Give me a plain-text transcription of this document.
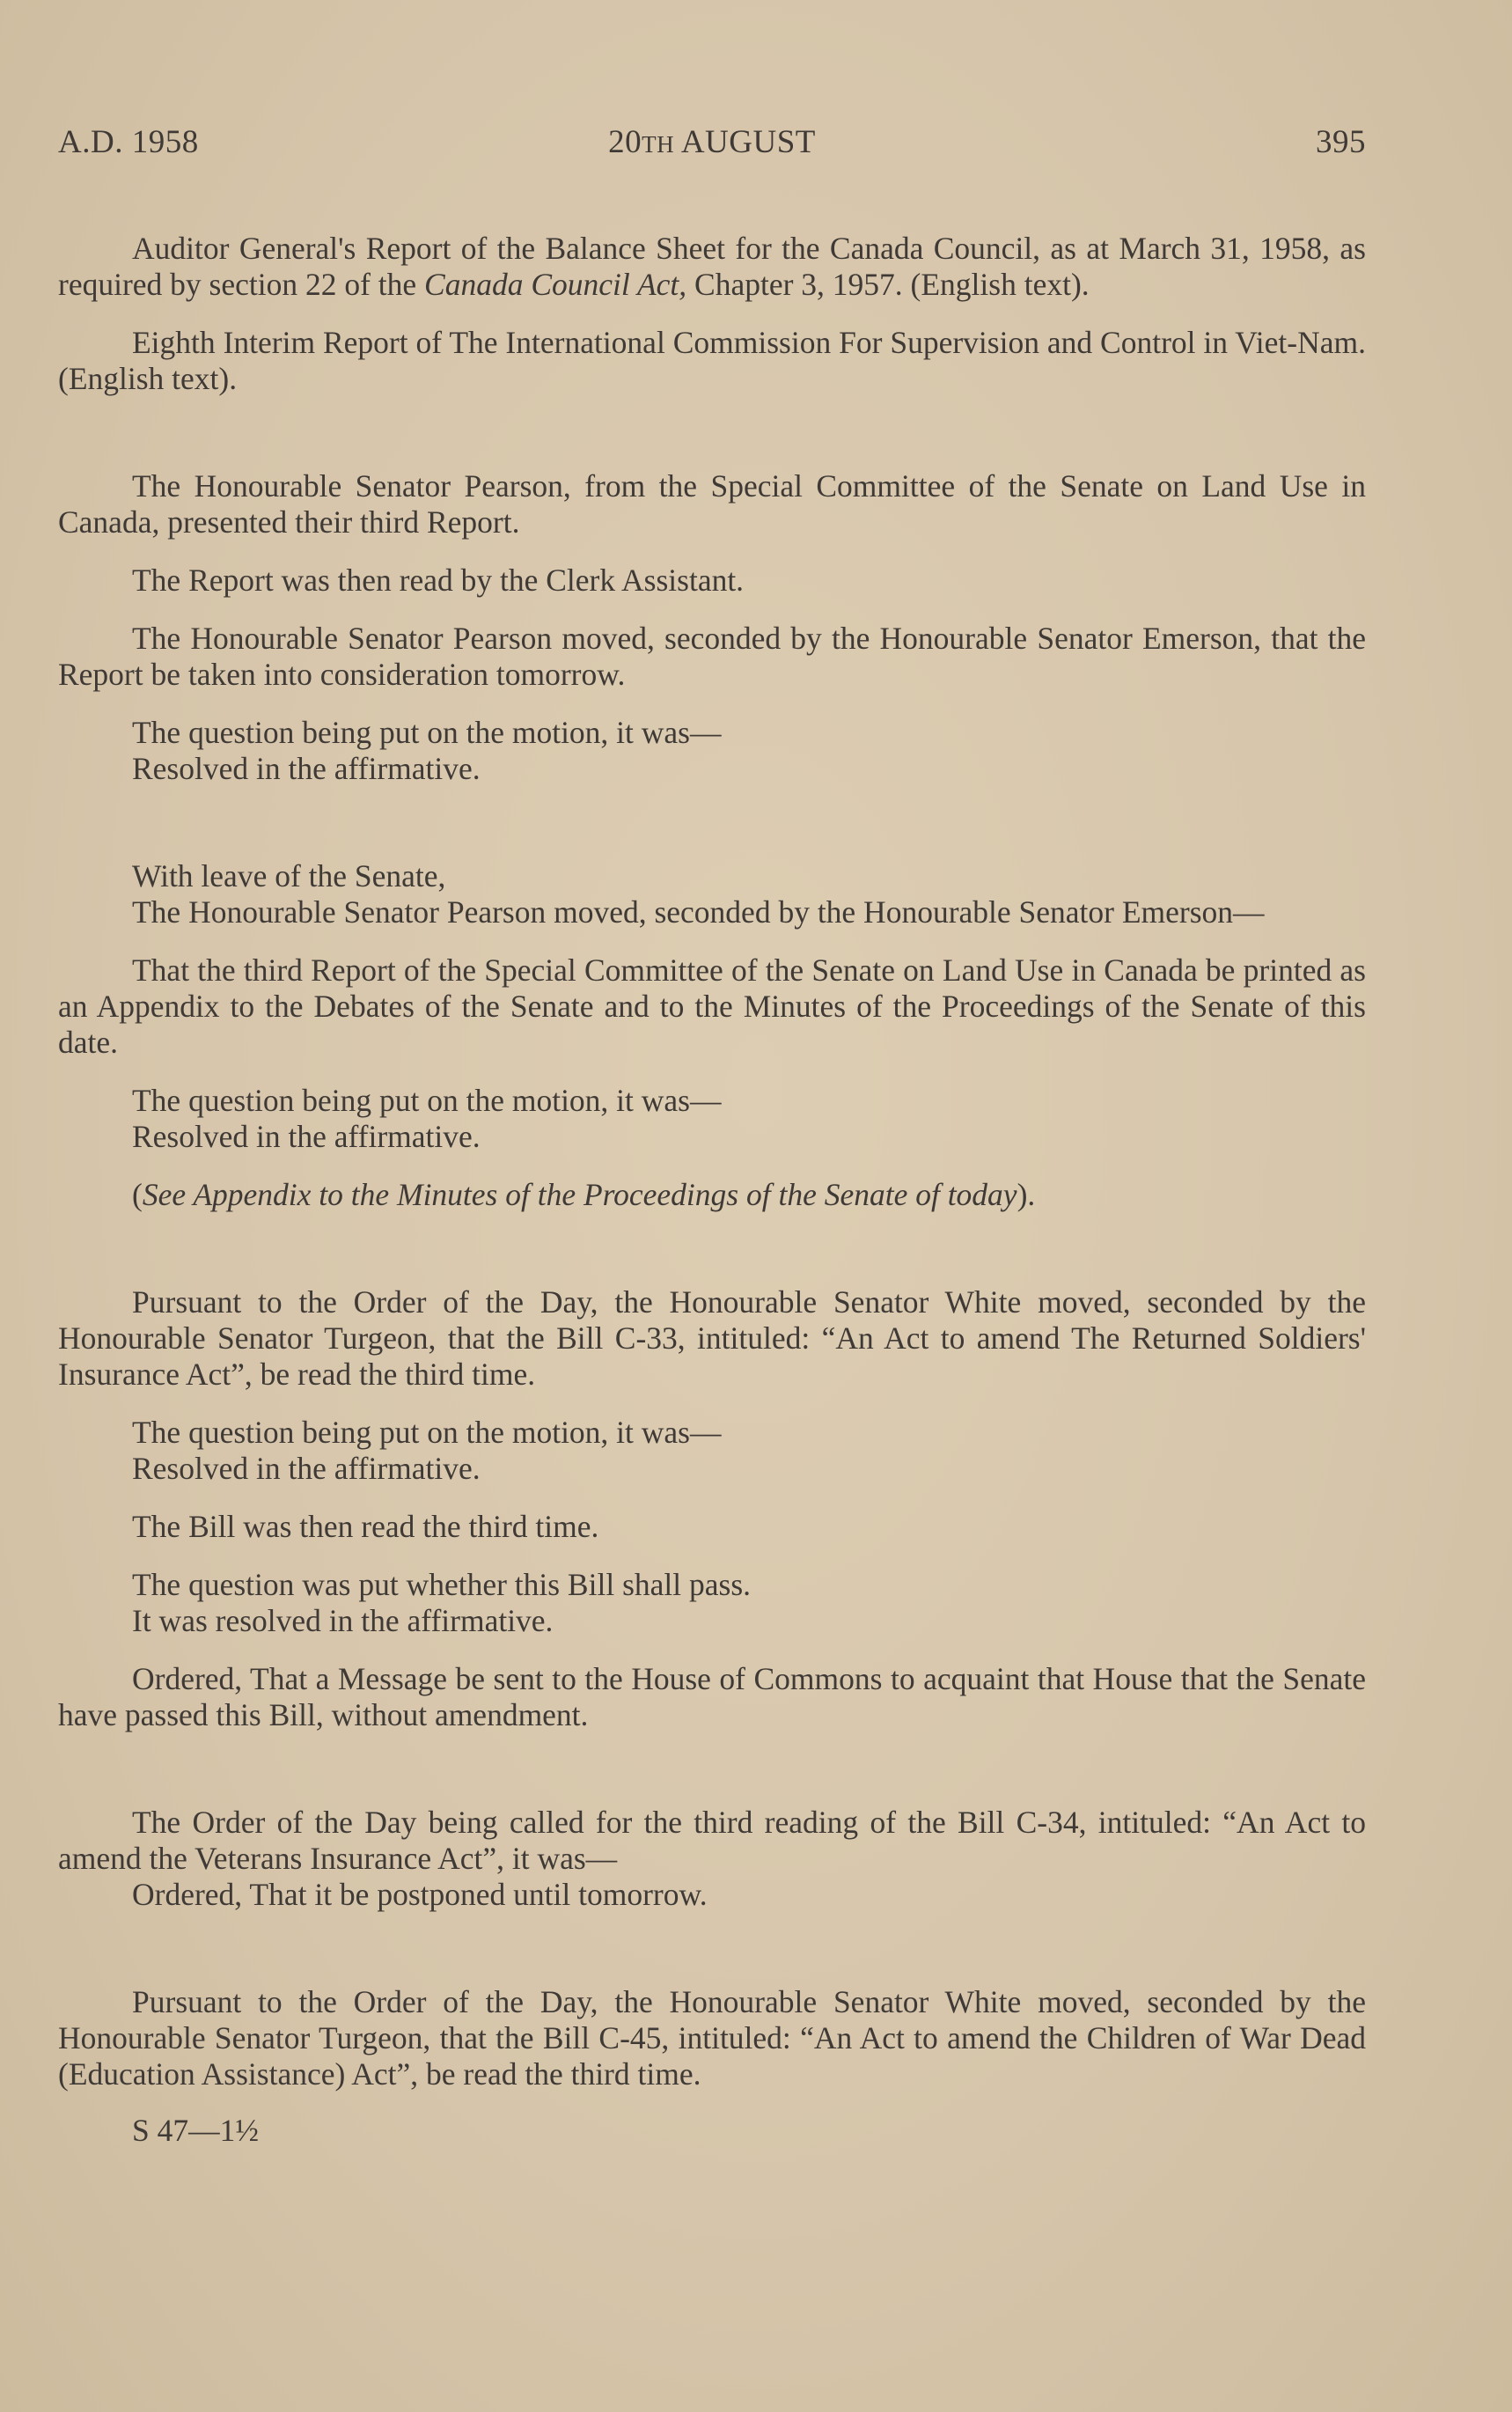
A.D. 1958	20TH AUGUST	395

Auditor General's Report of the Balance Sheet for the Canada Council, as at March 31, 1958, as required by section 22 of the Canada Council Act, Chapter 3, 1957. (English text).

Eighth Interim Report of The International Commission For Supervision and Control in Viet-Nam. (English text).

The Honourable Senator Pearson, from the Special Committee of the Senate on Land Use in Canada, presented their third Report.

The Report was then read by the Clerk Assistant.

The Honourable Senator Pearson moved, seconded by the Honourable Senator Emerson, that the Report be taken into consideration tomorrow.

The question being put on the motion, it was—

Resolved in the affirmative.

With leave of the Senate,

The Honourable Senator Pearson moved, seconded by the Honourable Senator Emerson—

That the third Report of the Special Committee of the Senate on Land Use in Canada be printed as an Appendix to the Debates of the Senate and to the Minutes of the Proceedings of the Senate of this date.

The question being put on the motion, it was—

Resolved in the affirmative.

(See Appendix to the Minutes of the Proceedings of the Senate of today).

Pursuant to the Order of the Day, the Honourable Senator White moved, seconded by the Honourable Senator Turgeon, that the Bill C-33, intituled: “An Act to amend The Returned Soldiers' Insurance Act”, be read the third time.

The question being put on the motion, it was—

Resolved in the affirmative.

The Bill was then read the third time.

The question was put whether this Bill shall pass.

It was resolved in the affirmative.

Ordered, That a Message be sent to the House of Commons to acquaint that House that the Senate have passed this Bill, without amendment.

The Order of the Day being called for the third reading of the Bill C-34, intituled: “An Act to amend the Veterans Insurance Act”, it was—

Ordered, That it be postponed until tomorrow.

Pursuant to the Order of the Day, the Honourable Senator White moved, seconded by the Honourable Senator Turgeon, that the Bill C-45, intituled: “An Act to amend the Children of War Dead (Education Assistance) Act”, be read the third time.

S 47—1½
